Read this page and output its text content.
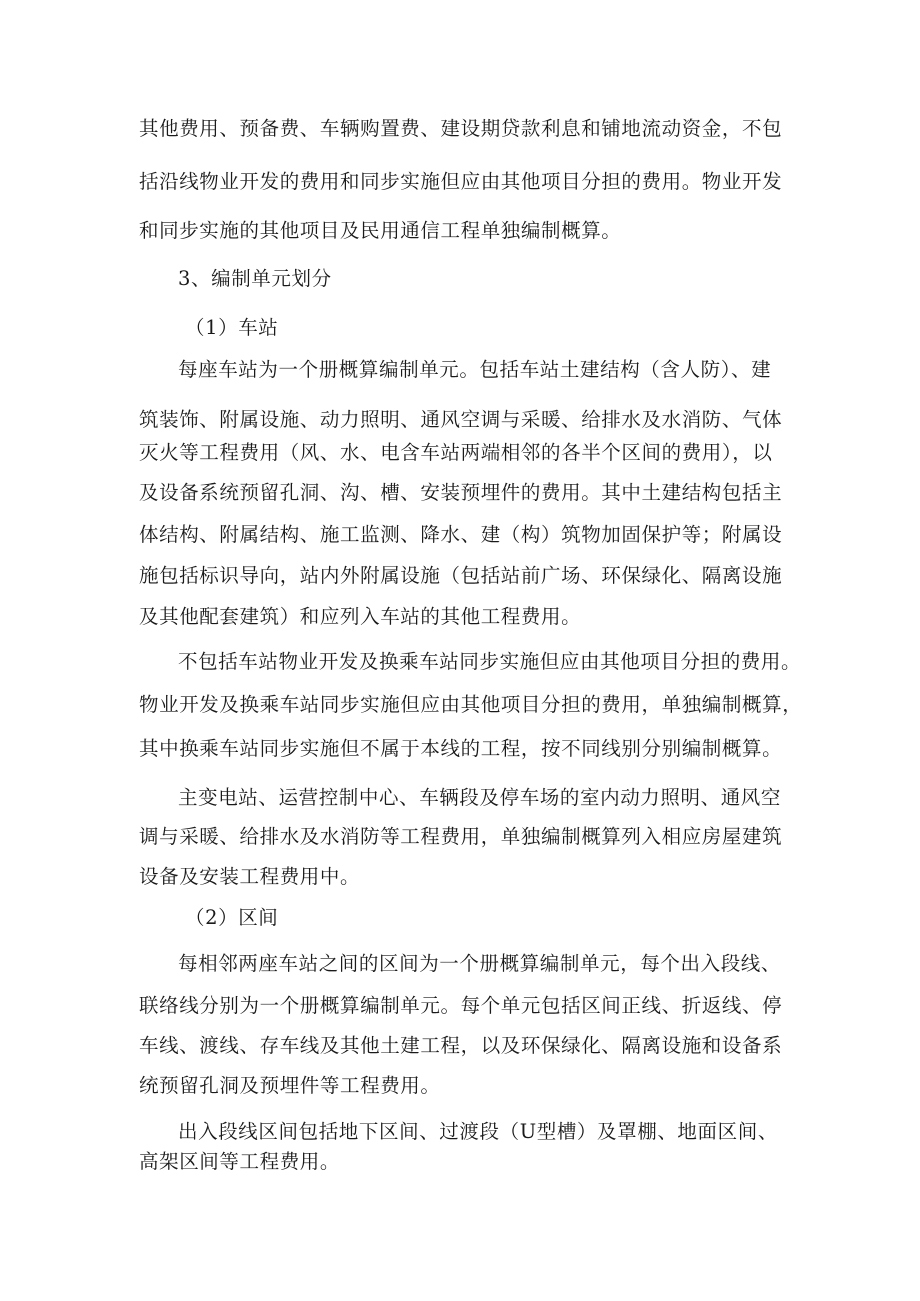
其他费用、预备费、车辆购置费、建设期贷款利息和铺地流动资金，不包
括沿线物业开发的费用和同步实施但应由其他项目分担的费用。物业开发
和同步实施的其他项目及民用通信工程单独编制概算。
3、编制单元划分
（1）车站
每座车站为一个册概算编制单元。包括车站土建结构（含人防）、建
筑装饰、附属设施、动力照明、通风空调与采暖、给排水及水消防、气体
灭火等工程费用（风、水、电含车站两端相邻的各半个区间的费用），以
及设备系统预留孔洞、沟、槽、安装预埋件的费用。其中土建结构包括主
体结构、附属结构、施工监测、降水、建（构）筑物加固保护等；附属设
施包括标识导向，站内外附属设施（包括站前广场、环保绿化、隔离设施
及其他配套建筑）和应列入车站的其他工程费用。
不包括车站物业开发及换乘车站同步实施但应由其他项目分担的费用。
物业开发及换乘车站同步实施但应由其他项目分担的费用，单独编制概算，
其中换乘车站同步实施但不属于本线的工程，按不同线别分别编制概算。
主变电站、运营控制中心、车辆段及停车场的室内动力照明、通风空
调与采暖、给排水及水消防等工程费用，单独编制概算列入相应房屋建筑
设备及安装工程费用中。
（2）区间
每相邻两座车站之间的区间为一个册概算编制单元，每个出入段线、
联络线分别为一个册概算编制单元。每个单元包括区间正线、折返线、停
车线、渡线、存车线及其他土建工程，以及环保绿化、隔离设施和设备系
统预留孔洞及预埋件等工程费用。
出入段线区间包括地下区间、过渡段（U型槽）及罩棚、地面区间、
高架区间等工程费用。
